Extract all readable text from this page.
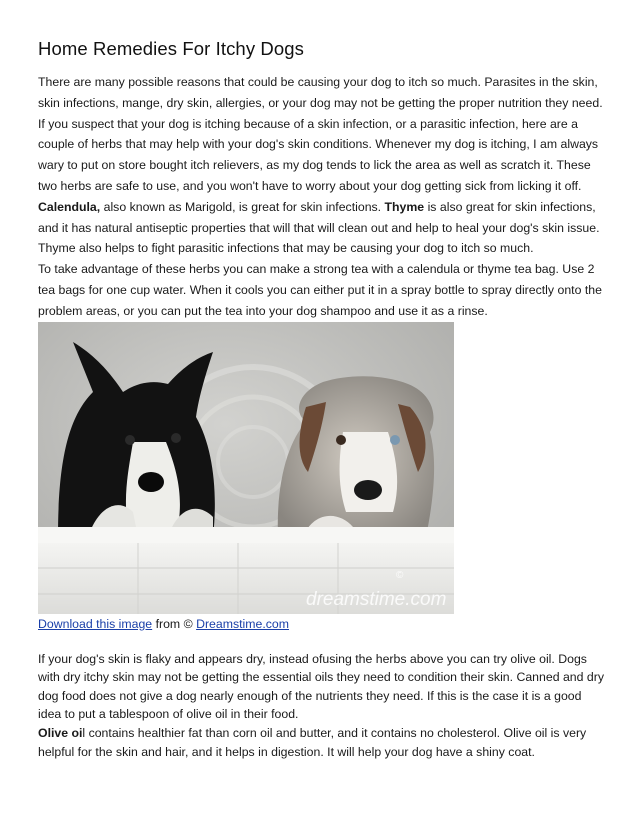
Home Remedies For Itchy Dogs

There are many possible reasons that could be causing your dog to itch so much. Parasites in the skin, skin infections, mange, dry skin, allergies, or your dog may not be getting the proper nutrition they need.

If you suspect that your dog is itching because of a skin infection, or a parasitic infection, here are a couple of herbs that may help with your dog's skin conditions. Whenever my dog is itching, I am always wary to put on store bought itch relievers, as my dog tends to lick the area as well as scratch it. These two herbs are safe to use, and you won't have to worry about your dog getting sick from licking it off.

Calendula, also known as Marigold, is great for skin infections. Thyme is also great for skin infections, and it has natural antiseptic properties that will that will clean out and help to heal your dog's skin issue. Thyme also helps to fight parasitic infections that may be causing your dog to itch so much.

To take advantage of these herbs you can make a strong tea with a calendula or thyme tea bag. Use 2 tea bags for one cup water. When it cools you can either put it in a spray bottle to spray directly onto the problem areas, or you can put the tea into your dog shampoo and use it as a rinse.

dreamstime.com
©
Download this image from © Dreamstime.com

If your dog's skin is flaky and appears dry, instead ofusing the herbs above you can try olive oil. Dogs with dry itchy skin may not be getting the essential oils they need to condition their skin. Canned and dry dog food does not give a dog nearly enough of the nutrients they need. If this is the case it is a good idea to put a tablespoon of olive oil in their food.

Olive oil contains healthier fat than corn oil and butter, and it contains no cholesterol. Olive oil is very helpful for the skin and hair, and it helps in digestion. It will help your dog have a shiny coat.
